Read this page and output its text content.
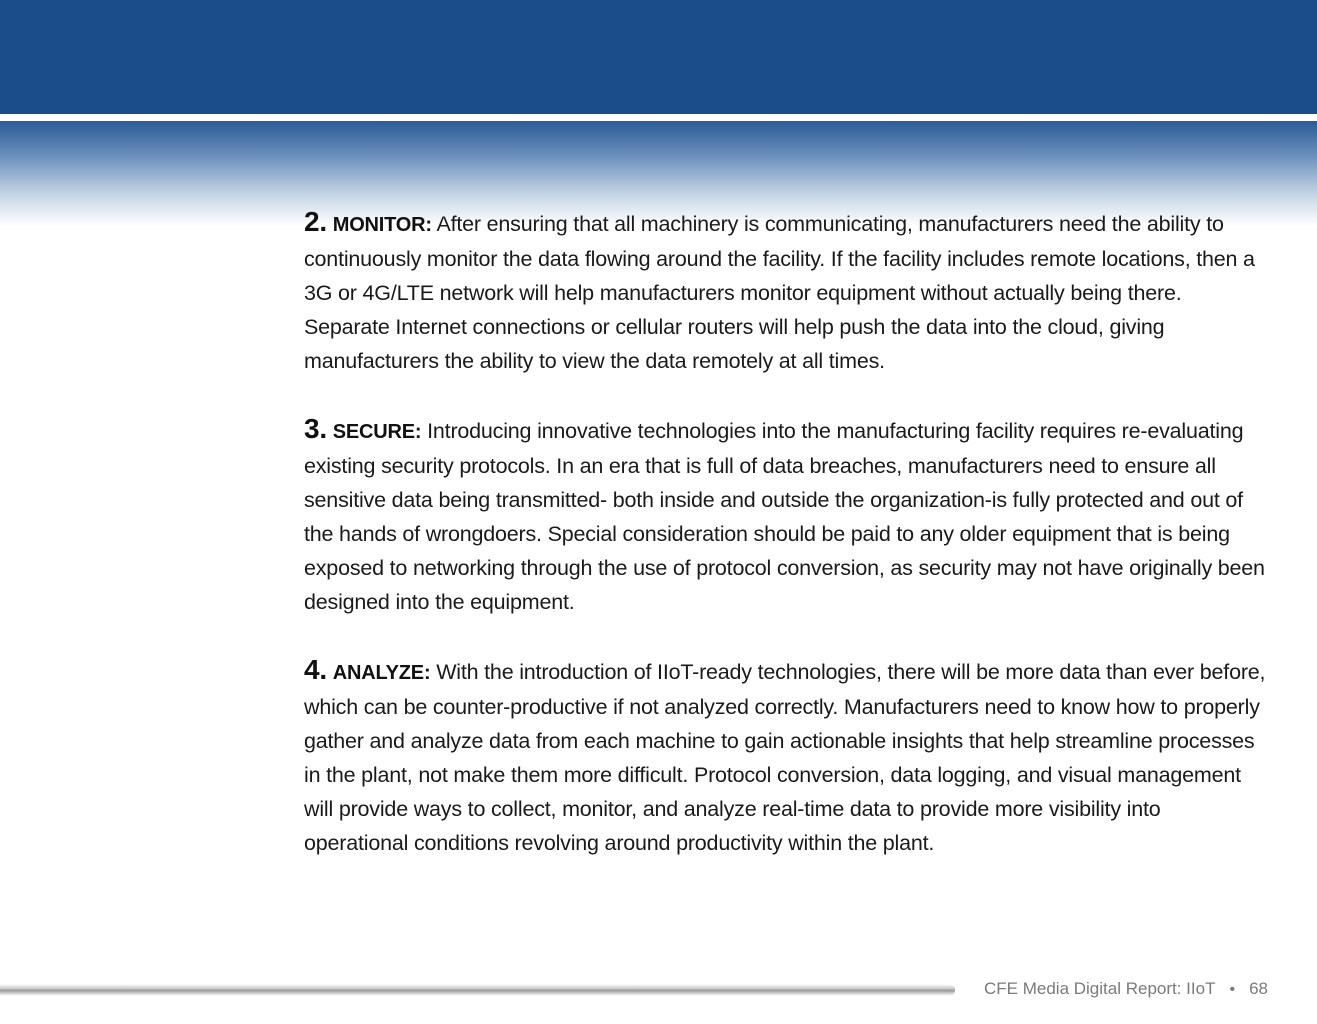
2. MONITOR: After ensuring that all machinery is communicating, manufacturers need the ability to continuously monitor the data flowing around the facility. If the facility includes remote locations, then a 3G or 4G/LTE network will help manufacturers monitor equipment without actually being there. Separate Internet connections or cellular routers will help push the data into the cloud, giving manufacturers the ability to view the data remotely at all times.

3. SECURE: Introducing innovative technologies into the manufacturing facility requires re-evaluating existing security protocols. In an era that is full of data breaches, manufacturers need to ensure all sensitive data being transmitted- both inside and outside the organization-is fully protected and out of the hands of wrongdoers. Special consideration should be paid to any older equipment that is being exposed to networking through the use of protocol conversion, as security may not have originally been designed into the equipment.

4. ANALYZE: With the introduction of IIoT-ready technologies, there will be more data than ever before, which can be counter-productive if not analyzed correctly. Manufacturers need to know how to properly gather and analyze data from each machine to gain actionable insights that help streamline processes in the plant, not make them more difficult. Protocol conversion, data logging, and visual management will provide ways to collect, monitor, and analyze real-time data to provide more visibility into operational conditions revolving around productivity within the plant.

CFE Media Digital Report: IIoT • 68
